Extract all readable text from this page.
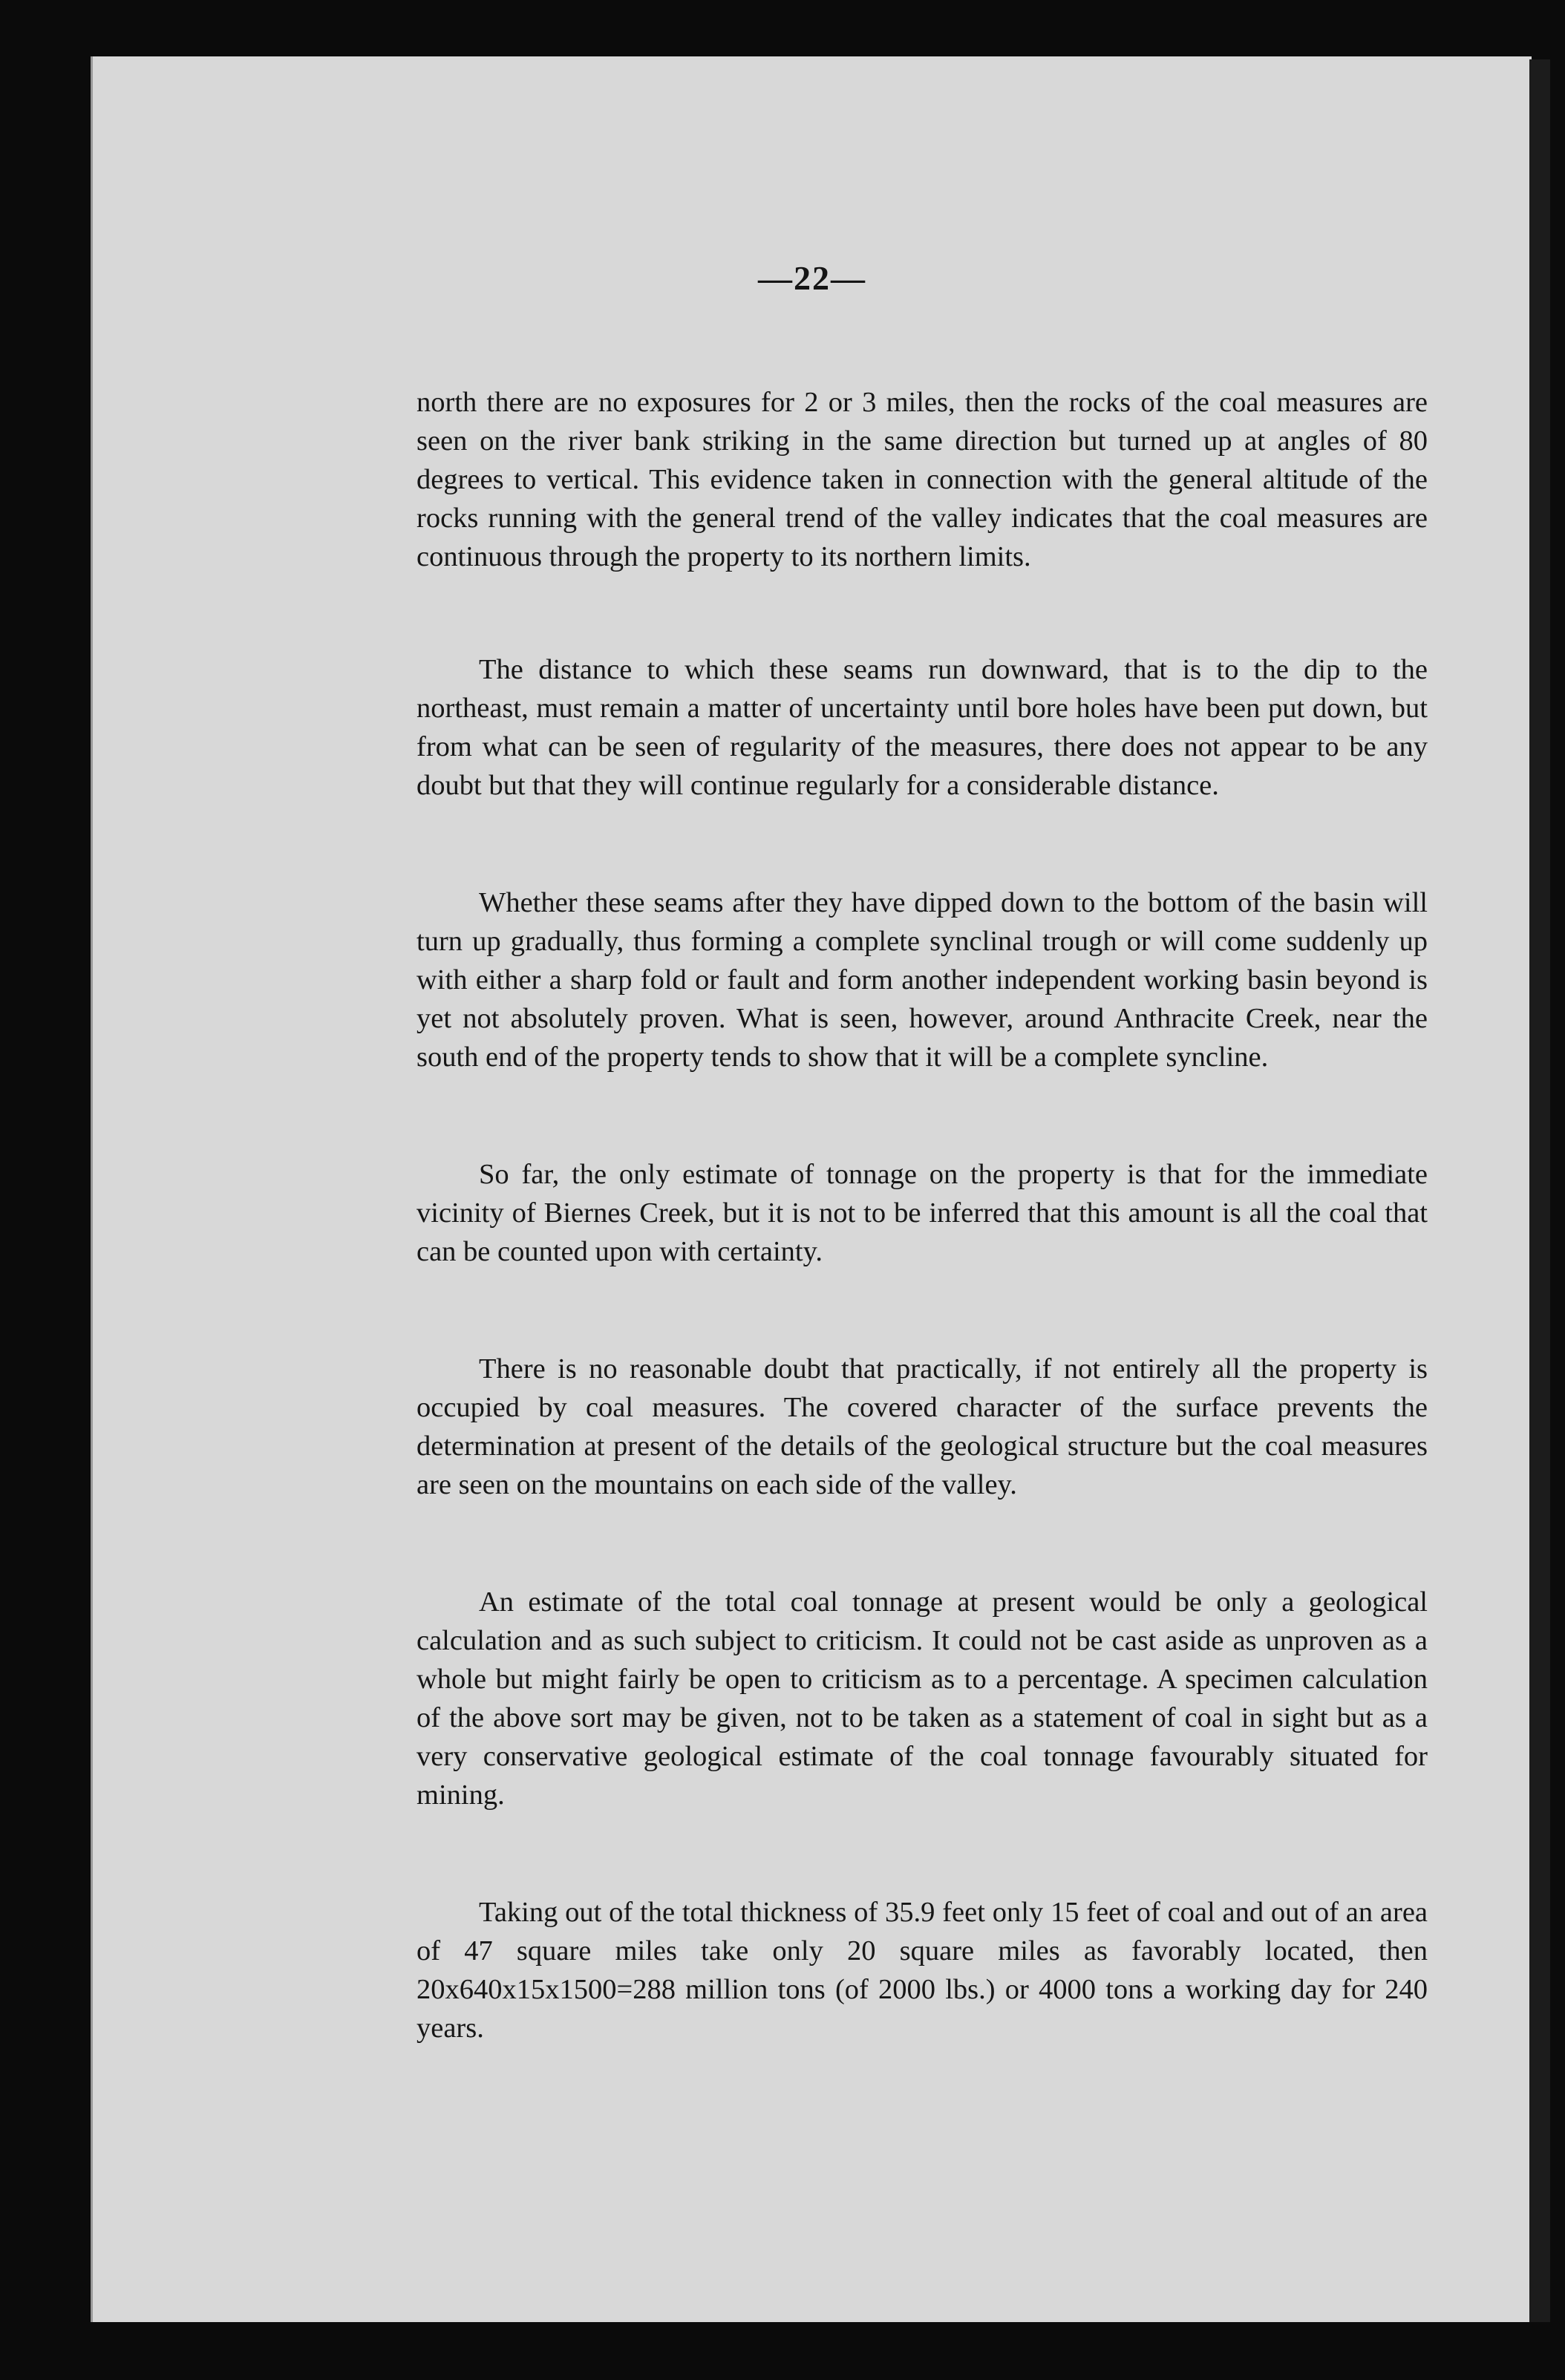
—22—

north there are no exposures for 2 or 3 miles, then the rocks of the coal measures are seen on the river bank striking in the same direction but turned up at angles of 80 degrees to vertical. This evidence taken in connection with the general altitude of the rocks running with the general trend of the valley indicates that the coal measures are continuous through the property to its northern limits.

The distance to which these seams run downward, that is to the dip to the northeast, must remain a matter of uncertainty until bore holes have been put down, but from what can be seen of regularity of the measures, there does not appear to be any doubt but that they will continue regularly for a considerable distance.

Whether these seams after they have dipped down to the bottom of the basin will turn up gradually, thus forming a complete synclinal trough or will come suddenly up with either a sharp fold or fault and form another independent working basin beyond is yet not absolutely proven. What is seen, however, around Anthracite Creek, near the south end of the property tends to show that it will be a complete syncline.

So far, the only estimate of tonnage on the property is that for the immediate vicinity of Biernes Creek, but it is not to be inferred that this amount is all the coal that can be counted upon with certainty.

There is no reasonable doubt that practically, if not entirely all the property is occupied by coal measures. The covered character of the surface prevents the determination at present of the details of the geological structure but the coal measures are seen on the mountains on each side of the valley.

An estimate of the total coal tonnage at present would be only a geological calculation and as such subject to criticism. It could not be cast aside as unproven as a whole but might fairly be open to criticism as to a percentage. A specimen calculation of the above sort may be given, not to be taken as a statement of coal in sight but as a very conservative geological estimate of the coal tonnage favourably situated for mining.

Taking out of the total thickness of 35.9 feet only 15 feet of coal and out of an area of 47 square miles take only 20 square miles as favorably located, then 20x640x15x1500=288 million tons (of 2000 lbs.) or 4000 tons a working day for 240 years.
